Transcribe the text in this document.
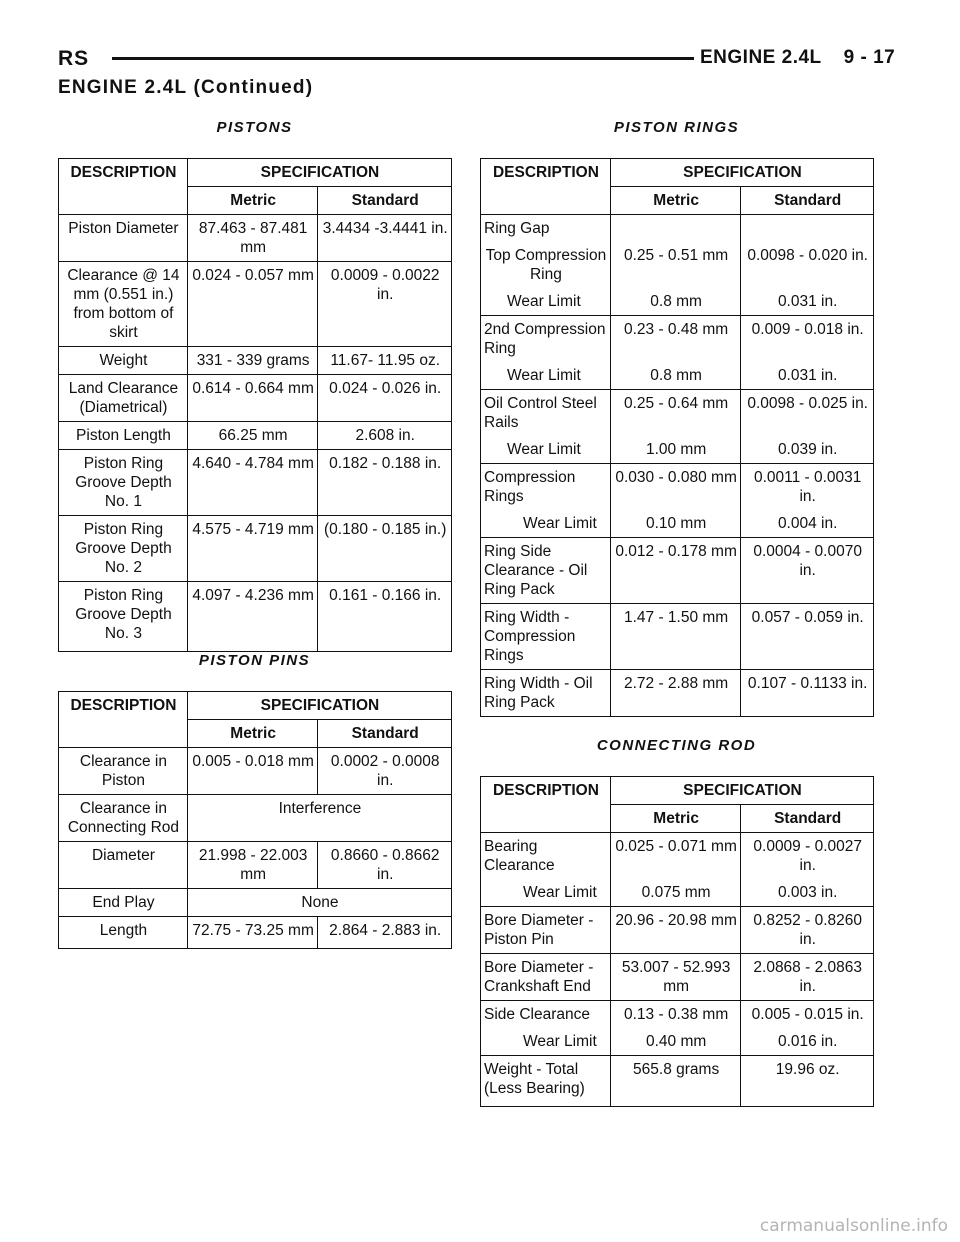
RS	ENGINE 2.4L 9 - 17
ENGINE 2.4L (Continued)
PISTONS
DESCRIPTION	SPECIFICATION	
	Metric	Standard
Piston Diameter	87.463 - 87.481 mm	3.4434 -3.4441 in.
Clearance @ 14 mm (0.551 in.) from bottom of skirt	0.024 - 0.057 mm	0.0009 - 0.0022 in.
Weight	331 - 339 grams	11.67- 11.95 oz.
Land Clearance (Diametrical)	0.614 - 0.664 mm	0.024 - 0.026 in.
Piston Length	66.25 mm	2.608 in.
Piston Ring Groove Depth No. 1	4.640 - 4.784 mm	0.182 - 0.188 in.
Piston Ring Groove Depth No. 2	4.575 - 4.719 mm	(0.180 - 0.185 in.)
Piston Ring Groove Depth No. 3	4.097 - 4.236 mm	0.161 - 0.166 in.
PISTON PINS
DESCRIPTION	SPECIFICATION	
	Metric	Standard
Clearance in Piston	0.005 - 0.018 mm	0.0002 - 0.0008 in.
Clearance in Connecting Rod	Interference	
Diameter	21.998 - 22.003 mm	0.8660 - 0.8662 in.
End Play	None	
Length	72.75 - 73.25 mm	2.864 - 2.883 in.
PISTON RINGS
DESCRIPTION	SPECIFICATION	
	Metric	Standard
Ring Gap		
Top Compression Ring	0.25 - 0.51 mm	0.0098 - 0.020 in.
Wear Limit	0.8 mm	0.031 in.
2nd Compression Ring	0.23 - 0.48 mm	0.009 - 0.018 in.
Wear Limit	0.8 mm	0.031 in.
Oil Control Steel Rails	0.25 - 0.64 mm	0.0098 - 0.025 in.
Wear Limit	1.00 mm	0.039 in.
Compression Rings	0.030 - 0.080 mm	0.0011 - 0.0031 in.
Wear Limit	0.10 mm	0.004 in.
Ring Side Clearance - Oil Ring Pack	0.012 - 0.178 mm	0.0004 - 0.0070 in.
Ring Width - Compression Rings	1.47 - 1.50 mm	0.057 - 0.059 in.
Ring Width - Oil Ring Pack	2.72 - 2.88 mm	0.107 - 0.1133 in.
CONNECTING ROD
DESCRIPTION	SPECIFICATION	
	Metric	Standard
Bearing Clearance	0.025 - 0.071 mm	0.0009 - 0.0027 in.
Wear Limit	0.075 mm	0.003 in.
Bore Diameter - Piston Pin	20.96 - 20.98 mm	0.8252 - 0.8260 in.
Bore Diameter - Crankshaft End	53.007 - 52.993 mm	2.0868 - 2.0863 in.
Side Clearance	0.13 - 0.38 mm	0.005 - 0.015 in.
Wear Limit	0.40 mm	0.016 in.
Weight - Total (Less Bearing)	565.8 grams	19.96 oz.
carmanualsonline.info
